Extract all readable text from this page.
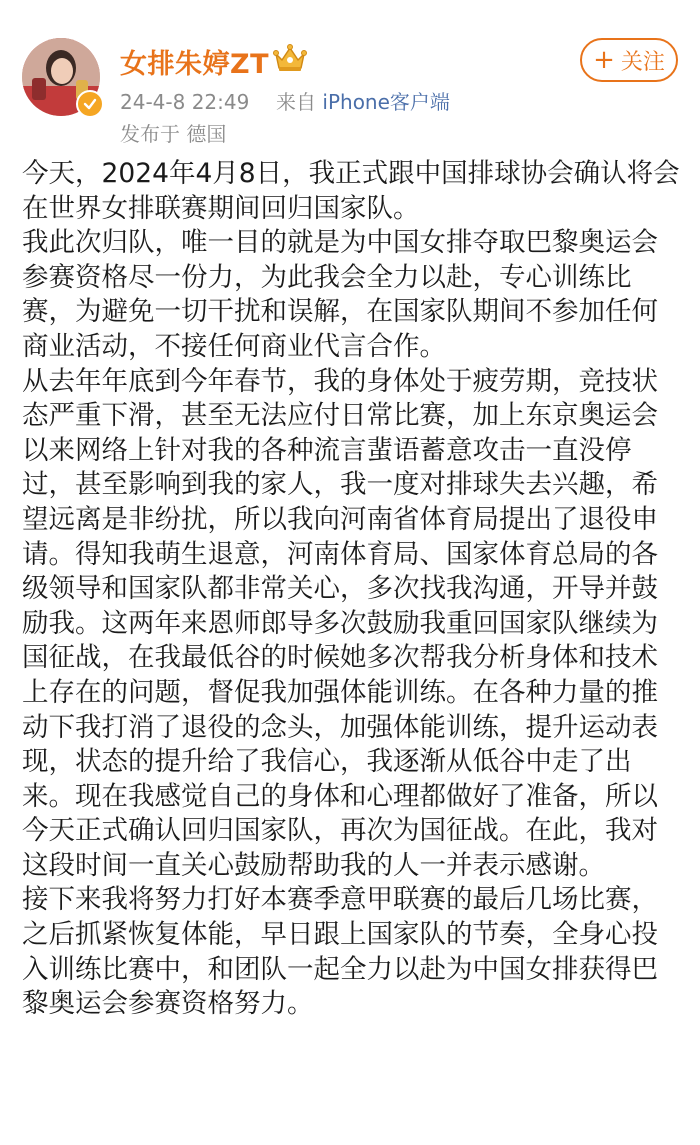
女排朱婷ZT
24-4-8 22:49 来自 iPhone客户端
发布于 德国
+ 关注

今天，2024年4月8日，我正式跟中国排球协会确认将会在世界女排联赛期间回归国家队。

我此次归队，唯一目的就是为中国女排夺取巴黎奥运会参赛资格尽一份力，为此我会全力以赴，专心训练比赛，为避免一切干扰和误解，在国家队期间不参加任何商业活动，不接任何商业代言合作。

从去年年底到今年春节，我的身体处于疲劳期，竞技状态严重下滑，甚至无法应付日常比赛，加上东京奥运会以来网络上针对我的各种流言蜚语蓄意攻击一直没停过，甚至影响到我的家人，我一度对排球失去兴趣，希望远离是非纷扰，所以我向河南省体育局提出了退役申请。得知我萌生退意，河南体育局、国家体育总局的各级领导和国家队都非常关心，多次找我沟通，开导并鼓励我。这两年来恩师郎导多次鼓励我重回国家队继续为国征战，在我最低谷的时候她多次帮我分析身体和技术上存在的问题，督促我加强体能训练。在各种力量的推动下我打消了退役的念头，加强体能训练，提升运动表现，状态的提升给了我信心，我逐渐从低谷中走了出来。现在我感觉自己的身体和心理都做好了准备，所以今天正式确认回归国家队，再次为国征战。在此，我对这段时间一直关心鼓励帮助我的人一并表示感谢。

接下来我将努力打好本赛季意甲联赛的最后几场比赛，之后抓紧恢复体能，早日跟上国家队的节奏，全身心投入训练比赛中，和团队一起全力以赴为中国女排获得巴黎奥运会参赛资格努力。
